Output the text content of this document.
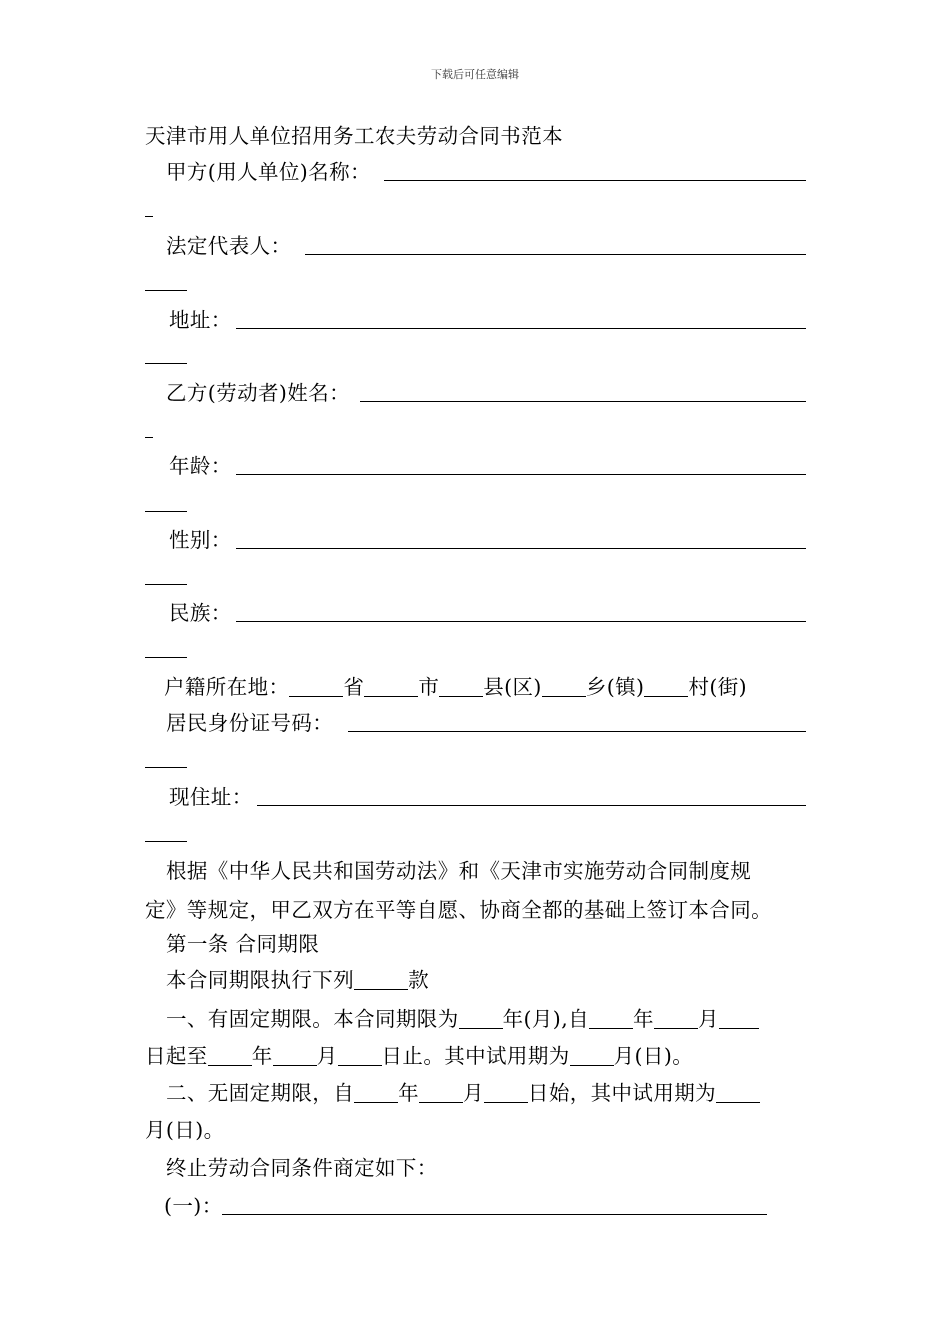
下载后可任意编辑
天津市用人单位招用务工农夫劳动合同书范本
甲方(用人单位)名称：
法定代表人：
地址：
乙方(劳动者)姓名：
年龄：
性别：
民族：
户籍所在地：	省	市 县(区) 乡(镇) 村(街)
居民身份证号码：
现住址：
根据《中华人民共和国劳动法》和《天津市实施劳动合同制度规
定》等规定，甲乙双方在平等自愿、协商全都的基础上签订本合同。
第一条 合同期限
本合同期限执行下列	款
一、有固定期限。本合同期限为 年(月),自 年 月
日起至 年 月 日止。其中试用期为 月(日)。
二、无固定期限，自 年 月 日始，其中试用期为
月(日)。
终止劳动合同条件商定如下：
(一)：
